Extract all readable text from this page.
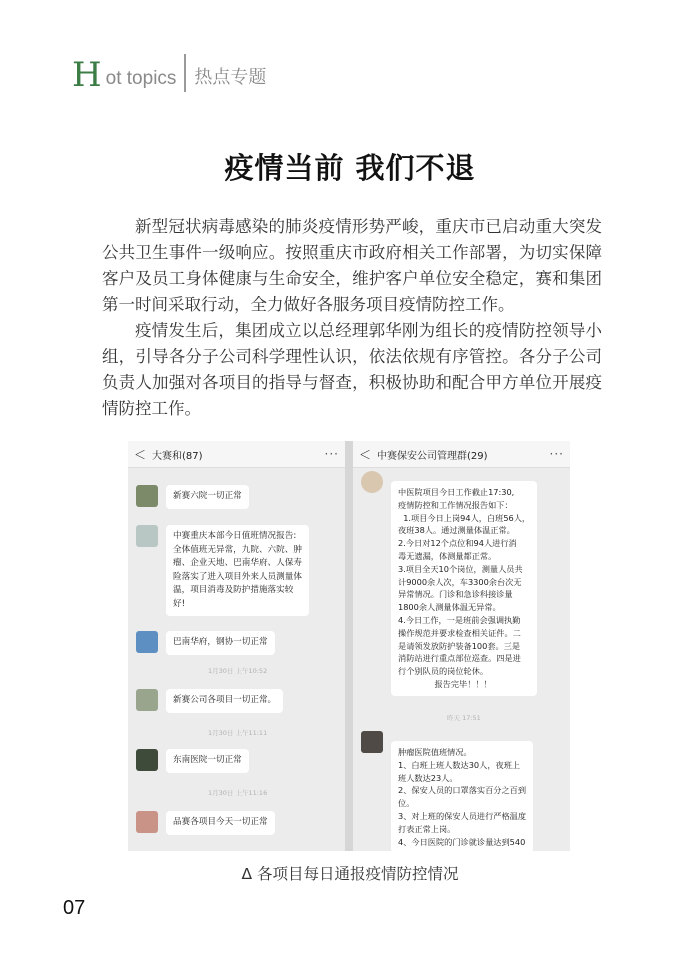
H ot topics 热点专题
疫情当前 我们不退

新型冠状病毒感染的肺炎疫情形势严峻，重庆市已启动重大突发公共卫生事件一级响应。按照重庆市政府相关工作部署，为切实保障客户及员工身体健康与生命安全，维护客户单位安全稳定，赛和集团第一时间采取行动，全力做好各服务项目疫情防控工作。

疫情发生后，集团成立以总经理郭华刚为组长的疫情防控领导小组，引导各分子公司科学理性认识，依法依规有序管控。各分子公司负责人加强对各项目的指导与督查，积极协助和配合甲方单位开展疫情防控工作。

＜ 大赛和(87)	···
新赛六院一切正常
中赛重庆本部今日值班情况报告:
全体值班无异常，九院、六院、肿
瘤、企业天地、巴南华府、人保寿
险落实了进入项目外来人员测量体
温，项目消毒及防护措施落实较
好!
巴南华府，钢协一切正常
1月30日 上午10:52
新赛公司各项目一切正常。
1月30日 上午11:11
东南医院一切正常
1月30日 上午11:16
品赛各项目今天一切正常
＜ 中赛保安公司管理群(29)	···
中医院项目今日工作截止17:30,
疫情防控和工作情况报告如下：
1.项目今日上岗94人，白班56人，
夜班38人。通过测量体温正常。
2.今日对12个点位和94人进行消
毒无遗漏，体测量都正常。
3.项目全天10个岗位，测量人员共
计9000余人次，车3300余台次无
异常情况。门诊和急诊科接诊量
1800余人测量体温无异常。
4.今日工作，一是班前会强调执勤
操作规范并要求检查相关证件。二
是请领发放防护装备100套。三是
消防站进行重点部位巡查。四是进
行个别队员的岗位轮休。
报告完毕！！！
昨天 17:51
肿瘤医院值班情况。
1、白班上班人数达30人，夜班上
班人数达23人。
2、保安人员的口罩落实百分之百到
位。
3、对上班的保安人员进行严格温度
打表正常上岗。
4、今日医院的门诊就诊量达到540
Δ 各项目每日通报疫情防控情况
07
